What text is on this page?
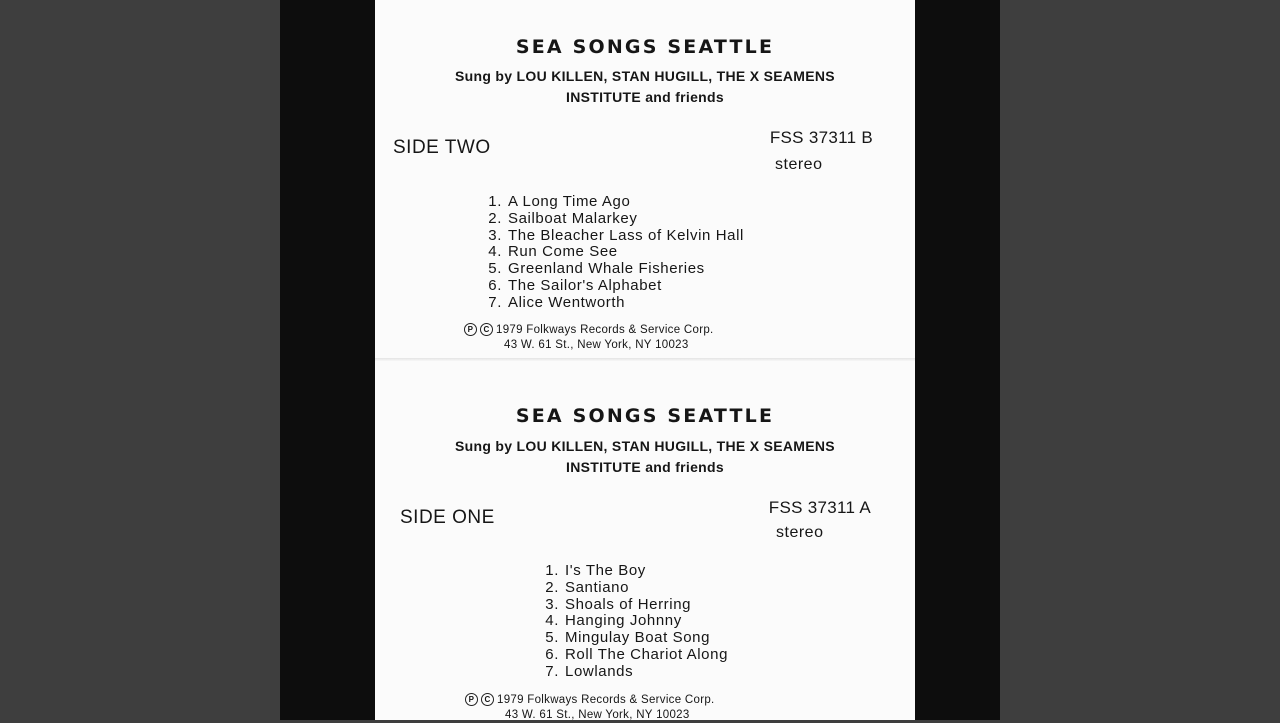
SEA SONGS SEATTLE

Sung by LOU KILLEN, STAN HUGILL, THE X SEAMENS

INSTITUTE and friends

SIDE TWO	FSS 37311 B
stereo
1. A Long Time Ago
2. Sailboat Malarkey
3. The Bleacher Lass of Kelvin Hall
4. Run Come See
5. Greenland Whale Fisheries
6. The Sailor's Alphabet
7. Alice Wentworth
P C 1979 Folkways Records & Service Corp.
43 W. 61 St., New York, NY 10023
SEA SONGS SEATTLE

Sung by LOU KILLEN, STAN HUGILL, THE X SEAMENS

INSTITUTE and friends

SIDE ONE	FSS 37311 A
stereo
1. I's The Boy
2. Santiano
3. Shoals of Herring
4. Hanging Johnny
5. Mingulay Boat Song
6. Roll The Chariot Along
7. Lowlands
P C 1979 Folkways Records & Service Corp.
43 W. 61 St., New York, NY 10023
